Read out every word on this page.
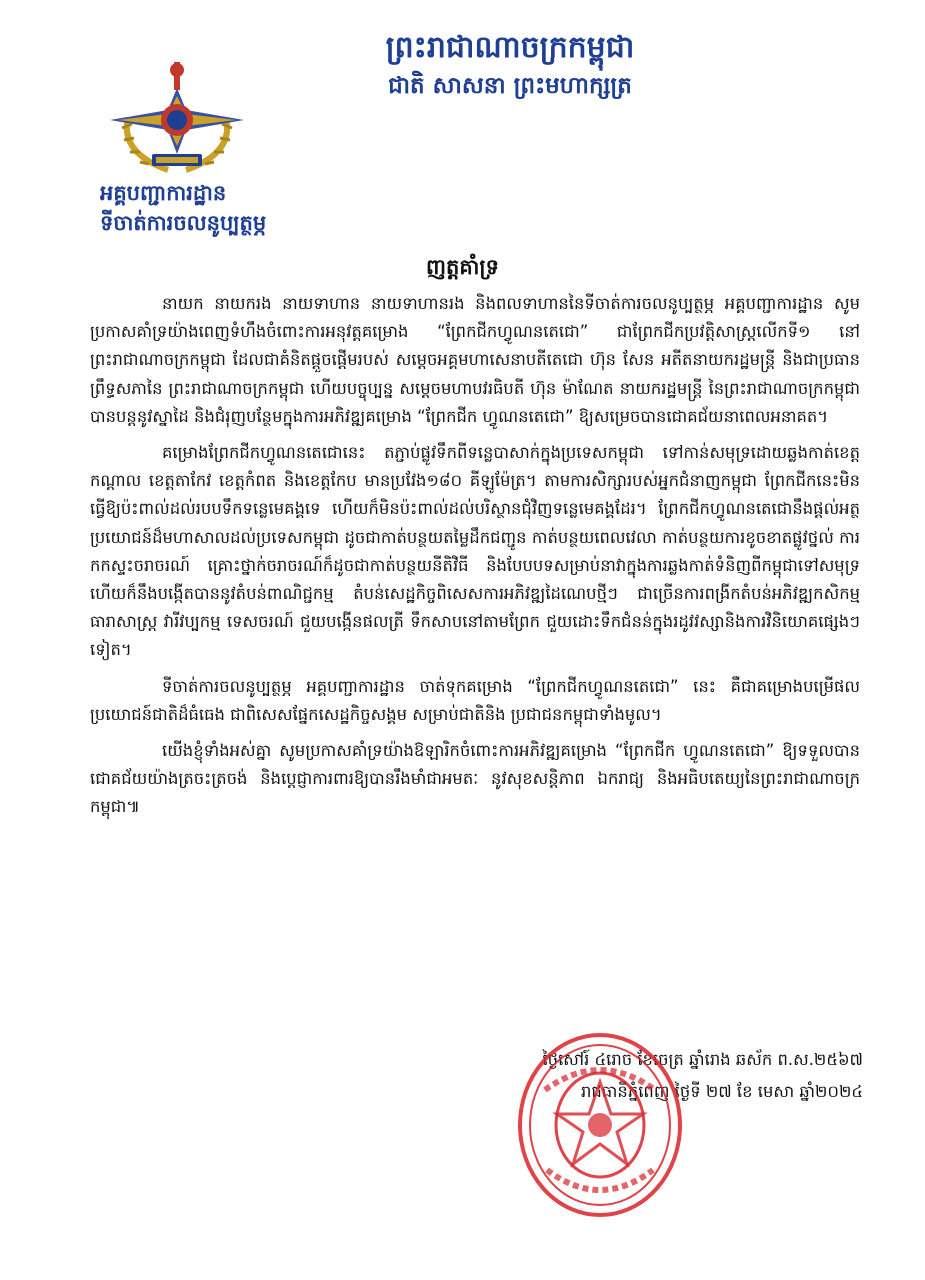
ព្រះរាជាណាចក្រកម្ពុជា
ជាតិ សាសនា ព្រះមហាក្សត្រ
អគ្គបញ្ជាការដ្ឋាន
ទីចាត់ការចលនូប្បត្ថម្ភ
ញត្តគាំទ្រ

នាយក នាយករង នាយទាហាន នាយទាហានរង និងពលទាហាននៃទីចាត់ការចលនូប្បត្ថម្ភ អគ្គបញ្ជាការដ្ឋាន សូមប្រកាសគាំទ្រយ៉ាងពេញទំហឹងចំពោះការអនុវត្តគម្រោង “ព្រែកជីកហ្វូណនតេជោ” ជាព្រែកជីកប្រវត្តិសាស្ត្រលើកទី១ នៅព្រះរាជាណាចក្រកម្ពុជា ដែលជាគំនិតផ្តួចផ្តើមរបស់ សម្តេចអគ្គមហាសេនាបតីតេជោ ហ៊ុន សែន អតីតនាយករដ្ឋមន្ត្រី និងជាប្រធានព្រឹទ្ធសភានៃ ព្រះរាជាណាចក្រកម្ពុជា ហើយបច្ចុប្បន្ន សម្តេចមហាបវរធិបតី ហ៊ុន ម៉ាណែត នាយករដ្ឋមន្ត្រី នៃព្រះរាជាណាចក្រកម្ពុជា បានបន្តនូវស្នាដៃ និងជំរុញបន្ថែមក្នុងការអភិវឌ្ឍគម្រោង “ព្រែកជីក ហ្វូណនតេជោ” ឱ្យសម្រេចបានជោគជ័យនាពេលអនាគត។

គម្រោងព្រែកជីកហ្វូណនតេជោនេះ តភ្ជាប់ផ្លូវទឹកពីទន្លេបាសាក់ក្នុងប្រទេសកម្ពុជា ទៅកាន់សមុទ្រដោយឆ្លងកាត់ខេត្តកណ្តាល ខេត្តតាកែវ ខេត្តកំពត និងខេត្តកែប មានប្រវែង១៨០ គីឡូម៉ែត្រ។ តាមការសិក្សារបស់អ្នកជំនាញកម្ពុជា ព្រែកជីកនេះមិនធ្វើឱ្យប៉ះពាល់ដល់របបទឹកទន្លេមេគង្គទេ ហើយក៏មិនប៉ះពាល់ដល់បរិស្ថានជុំវិញទន្លេមេគង្គដែរ។ ព្រែកជីកហ្វូណនតេជោនឹងផ្តល់អត្ថប្រយោជន៍ដ៏មហាសាលដល់ប្រទេសកម្ពុជា ដូចជាកាត់បន្ថយតម្លៃដឹកជញ្ជូន កាត់បន្ថយពេលវេលា កាត់បន្ថយការខូចខាតផ្លូវថ្នល់ ការកកស្ទះចរាចរណ៍ គ្រោះថ្នាក់ចរាចរណ៍ក៏ដូចជាកាត់បន្ថយនីតិវិធី និងបែបបទសម្រាប់នាវាក្នុងការឆ្លងកាត់ទំនិញពីកម្ពុជាទៅសមុទ្រ ហើយក៏នឹងបង្កើតបាននូវតំបន់ពាណិជ្ជកម្ម តំបន់សេដ្ឋកិច្ចពិសេសការអភិវឌ្ឍដៃណេបថ្មីៗ ជាច្រើនការពង្រីកតំបន់អភិវឌ្ឍកសិកម្ម ធារាសាស្ត្រ វារីវប្បកម្ម ទេសចរណ៍ ជួយបង្កើនផលត្រី ទឹកសាបនៅតាមព្រែក ជួយដោះទឹកជំនន់ក្នុងរដូវវស្សានិងការវិនិយោគផ្សេងៗទៀត។

ទីចាត់ការចលនូប្បត្ថម្ភ អគ្គបញ្ជាការដ្ឋាន ចាត់ទុកគម្រោង “ព្រែកជីកហ្វូណនតេជោ” នេះ គឺជាគម្រោងបម្រើផលប្រយោជន៍ជាតិដ៏ធំធេង ជាពិសេសផ្នែកសេដ្ឋកិច្ចសង្គម សម្រាប់ជាតិនិង ប្រជាជនកម្ពុជាទាំងមូល។

យើងខ្ញុំទាំងអស់គ្នា សូមប្រកាសគាំទ្រយ៉ាងឱឡារិកចំពោះការអភិវឌ្ឍគម្រោង “ព្រែកជីក ហ្វូណនតេជោ” ឱ្យទទួលបានជោគជ័យយ៉ាងត្រចះត្រចង់ និងប្តេជ្ញាការពារឱ្យបានរឹងមាំជាអមតៈ នូវសុខសន្តិភាព ឯករាជ្យ និងអធិបតេយ្យនៃព្រះរាជាណាចក្រកម្ពុជា៕

ថ្ងៃសៅរ៍ ៤រោច ខែចេត្រ ឆ្នាំរោង ឆស័ក ព.ស.២៥៦៧
រាជធានីភ្នំពេញ ថ្ងៃទី ២៧ ខែ មេសា ឆ្នាំ២០២៤
